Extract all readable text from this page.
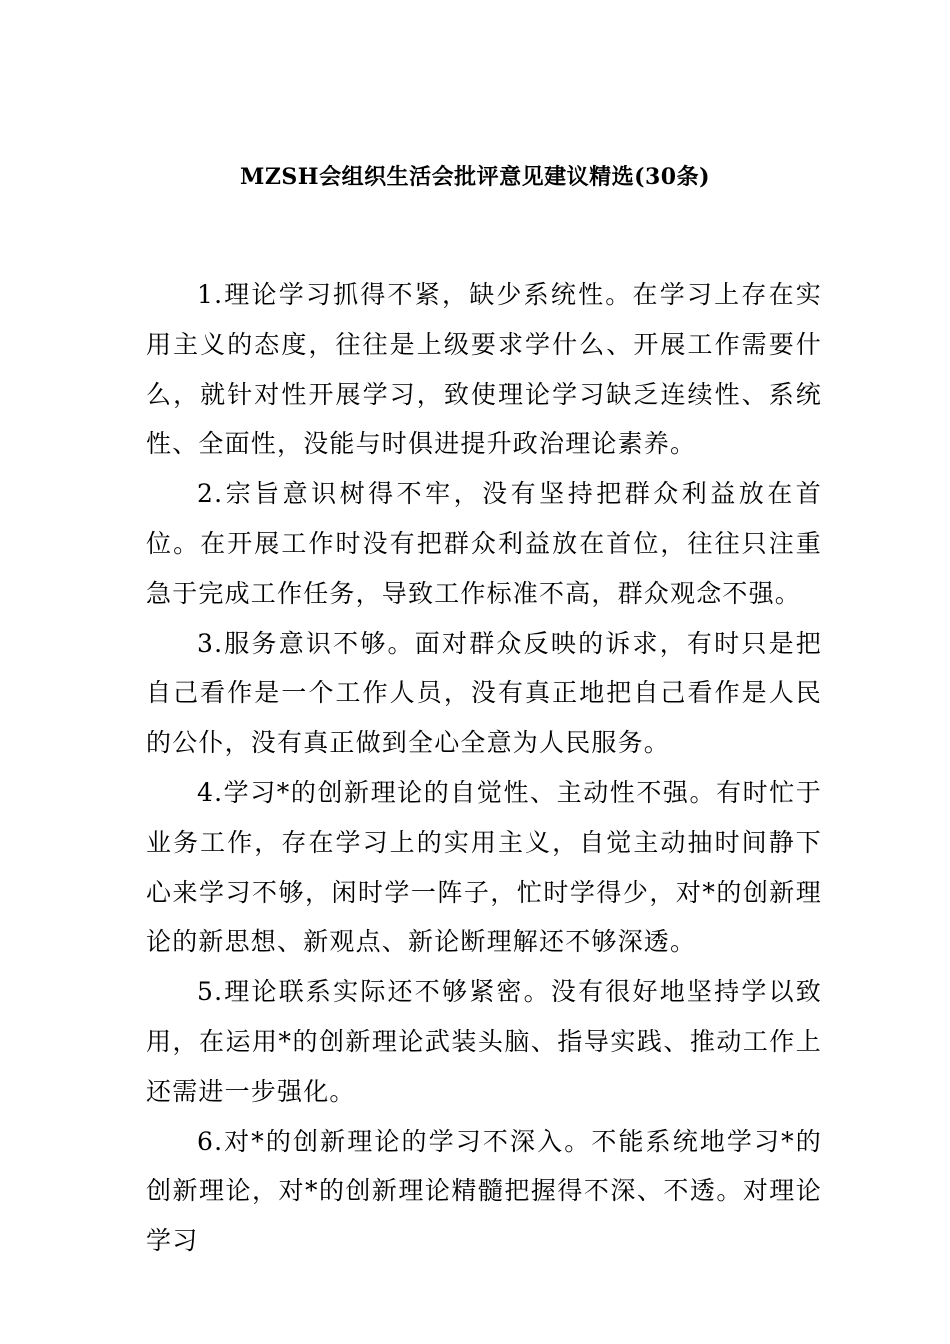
MZSH会组织生活会批评意见建议精选(30条)

1.理论学习抓得不紧，缺少系统性。在学习上存在实用主义的态度，往往是上级要求学什么、开展工作需要什么，就针对性开展学习，致使理论学习缺乏连续性、系统性、全面性，没能与时俱进提升政治理论素养。

2.宗旨意识树得不牢，没有坚持把群众利益放在首位。在开展工作时没有把群众利益放在首位，往往只注重急于完成工作任务，导致工作标准不高，群众观念不强。

3.服务意识不够。面对群众反映的诉求，有时只是把自己看作是一个工作人员，没有真正地把自己看作是人民的公仆，没有真正做到全心全意为人民服务。

4.学习*的创新理论的自觉性、主动性不强。有时忙于业务工作，存在学习上的实用主义，自觉主动抽时间静下心来学习不够，闲时学一阵子，忙时学得少，对*的创新理论的新思想、新观点、新论断理解还不够深透。

5.理论联系实际还不够紧密。没有很好地坚持学以致用，在运用*的创新理论武装头脑、指导实践、推动工作上还需进一步强化。

6.对*的创新理论的学习不深入。不能系统地学习*的创新理论，对*的创新理论精髓把握得不深、不透。对理论学习
